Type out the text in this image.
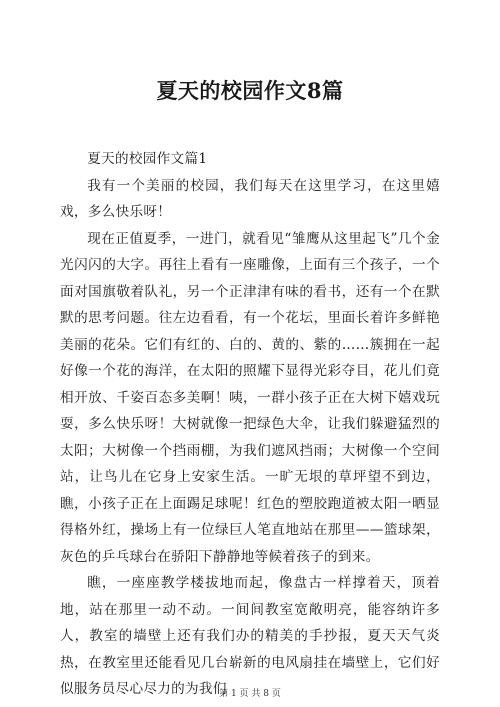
夏天的校园作文8篇

夏天的校园作文篇1

我有一个美丽的校园，我们每天在这里学习，在这里嬉戏，多么快乐呀！

现在正值夏季，一进门，就看见“雏鹰从这里起飞”几个金光闪闪的大字。再往上看有一座雕像，上面有三个孩子，一个面对国旗敬着队礼，另一个正津津有味的看书，还有一个在默默的思考问题。往左边看看，有一个花坛，里面长着许多鲜艳美丽的花朵。它们有红的、白的、黄的、紫的……簇拥在一起好像一个花的海洋，在太阳的照耀下显得光彩夺目，花儿们竟相开放、千姿百态多美啊！咦，一群小孩子正在大树下嬉戏玩耍，多么快乐呀！大树就像一把绿色大伞，让我们躲避猛烈的太阳；大树像一个挡雨棚，为我们遮风挡雨；大树像一个空间站，让鸟儿在它身上安家生活。一旷无垠的草坪望不到边，瞧，小孩子正在上面踢足球呢！红色的塑胶跑道被太阳一晒显得格外红，操场上有一位绿巨人笔直地站在那里——篮球架，灰色的乒乓球台在骄阳下静静地等候着孩子的到来。

瞧，一座座教学楼拔地而起，像盘古一样撑着天，顶着地，站在那里一动不动。一间间教室宽敞明亮，能容纳许多人，教室的墙壁上还有我们办的精美的手抄报，夏天天气炎热，在教室里还能看见几台崭新的电风扇挂在墙壁上，它们好似服务员尽心尽力的为我们

第 1 页 共 8 页
